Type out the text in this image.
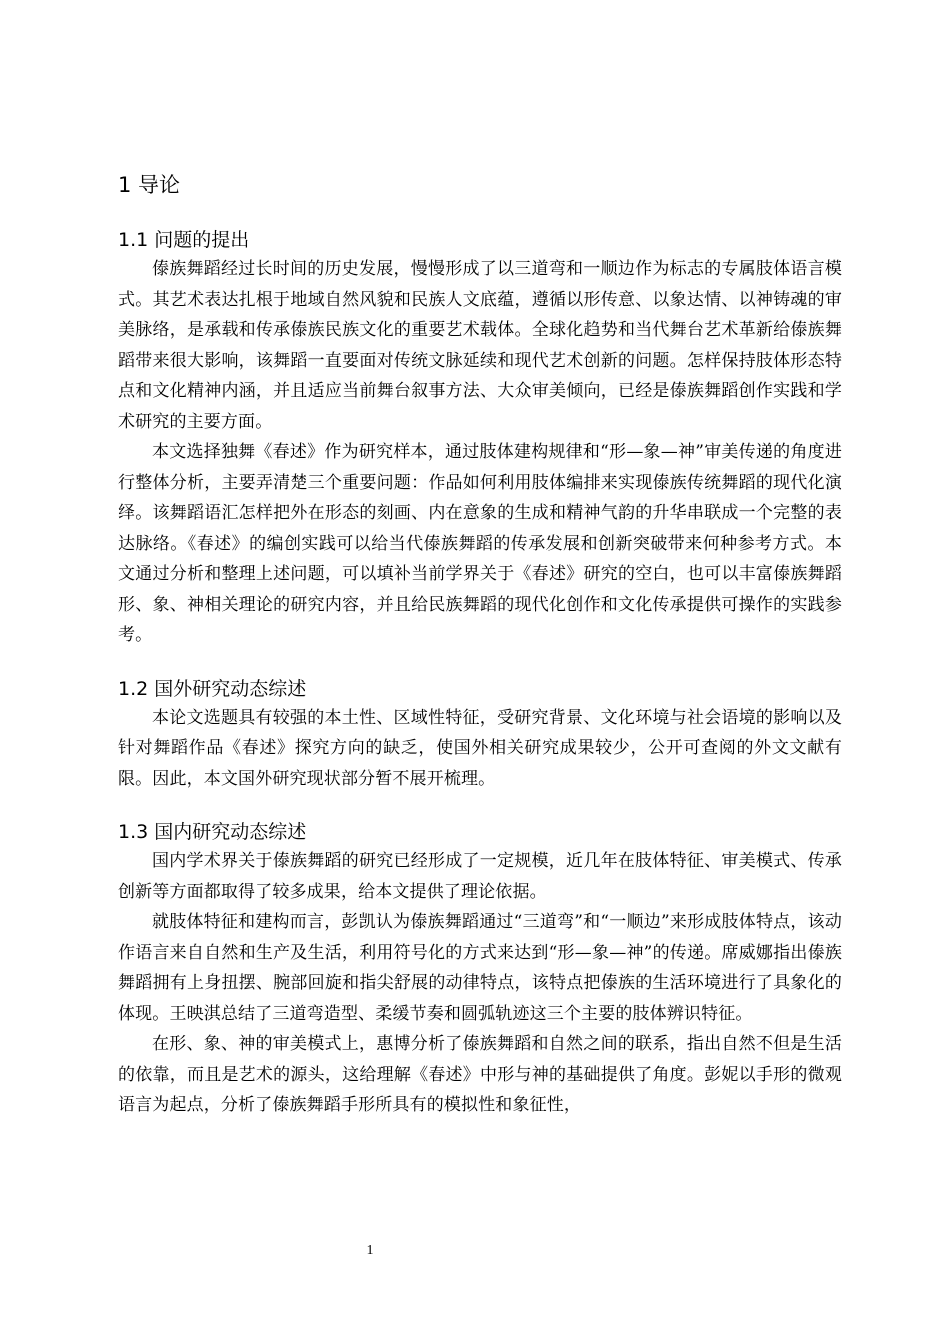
1 导论
1.1 问题的提出

傣族舞蹈经过长时间的历史发展，慢慢形成了以三道弯和一顺边作为标志的专属肢体语言模式。其艺术表达扎根于地域自然风貌和民族人文底蕴，遵循以形传意、以象达情、以神铸魂的审美脉络，是承载和传承傣族民族文化的重要艺术载体。全球化趋势和当代舞台艺术革新给傣族舞蹈带来很大影响，该舞蹈一直要面对传统文脉延续和现代艺术创新的问题。怎样保持肢体形态特点和文化精神内涵，并且适应当前舞台叙事方法、大众审美倾向，已经是傣族舞蹈创作实践和学术研究的主要方面。

本文选择独舞《春述》作为研究样本，通过肢体建构规律和“形—象—神”审美传递的角度进行整体分析，主要弄清楚三个重要问题：作品如何利用肢体编排来实现傣族传统舞蹈的现代化演绎。该舞蹈语汇怎样把外在形态的刻画、内在意象的生成和精神气韵的升华串联成一个完整的表达脉络。《春述》的编创实践可以给当代傣族舞蹈的传承发展和创新突破带来何种参考方式。本文通过分析和整理上述问题，可以填补当前学界关于《春述》研究的空白，也可以丰富傣族舞蹈形、象、神相关理论的研究内容，并且给民族舞蹈的现代化创作和文化传承提供可操作的实践参考。

1.2 国外研究动态综述

本论文选题具有较强的本土性、区域性特征，受研究背景、文化环境与社会语境的影响以及针对舞蹈作品《春述》探究方向的缺乏，使国外相关研究成果较少，公开可查阅的外文文献有限。因此，本文国外研究现状部分暂不展开梳理。

1.3 国内研究动态综述

国内学术界关于傣族舞蹈的研究已经形成了一定规模，近几年在肢体特征、审美模式、传承创新等方面都取得了较多成果，给本文提供了理论依据。

就肢体特征和建构而言，彭凯认为傣族舞蹈通过“三道弯”和“一顺边”来形成肢体特点，该动作语言来自自然和生产及生活，利用符号化的方式来达到“形—象—神”的传递。席威娜指出傣族舞蹈拥有上身扭摆、腕部回旋和指尖舒展的动律特点，该特点把傣族的生活环境进行了具象化的体现。王映淇总结了三道弯造型、柔缓节奏和圆弧轨迹这三个主要的肢体辨识特征。

在形、象、神的审美模式上，惠博分析了傣族舞蹈和自然之间的联系，指出自然不但是生活的依靠，而且是艺术的源头，这给理解《春述》中形与神的基础提供了角度。彭妮以手形的微观语言为起点，分析了傣族舞蹈手形所具有的模拟性和象征性，

1
